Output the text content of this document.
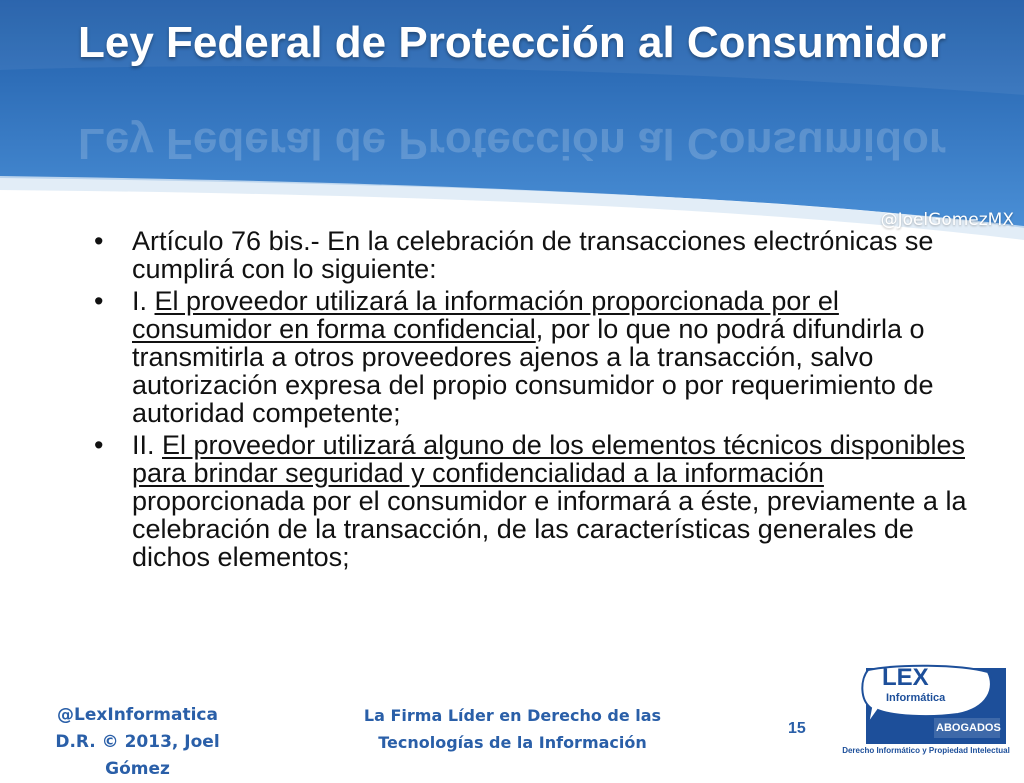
Ley Federal de Protección al Consumidor
@JoelGomezMX
• Artículo 76 bis.- En la celebración de transacciones electrónicas se cumplirá con lo siguiente:
• I. El proveedor utilizará la información proporcionada por el consumidor en forma confidencial, por lo que no podrá difundirla o transmitirla a otros proveedores ajenos a la transacción, salvo autorización expresa del propio consumidor o por requerimiento de autoridad competente;
• II. El proveedor utilizará alguno de los elementos técnicos disponibles para brindar seguridad y confidencialidad a la información proporcionada por el consumidor e informará a éste, previamente a la celebración de la transacción, de las características generales de dichos elementos;
@LexInformatica
D.R. © 2013, Joel Gómez
La Firma Líder en Derecho de las
Tecnologías de la Información
15
LEX
Informática
ABOGADOS
Derecho Informático y Propiedad Intelectual
